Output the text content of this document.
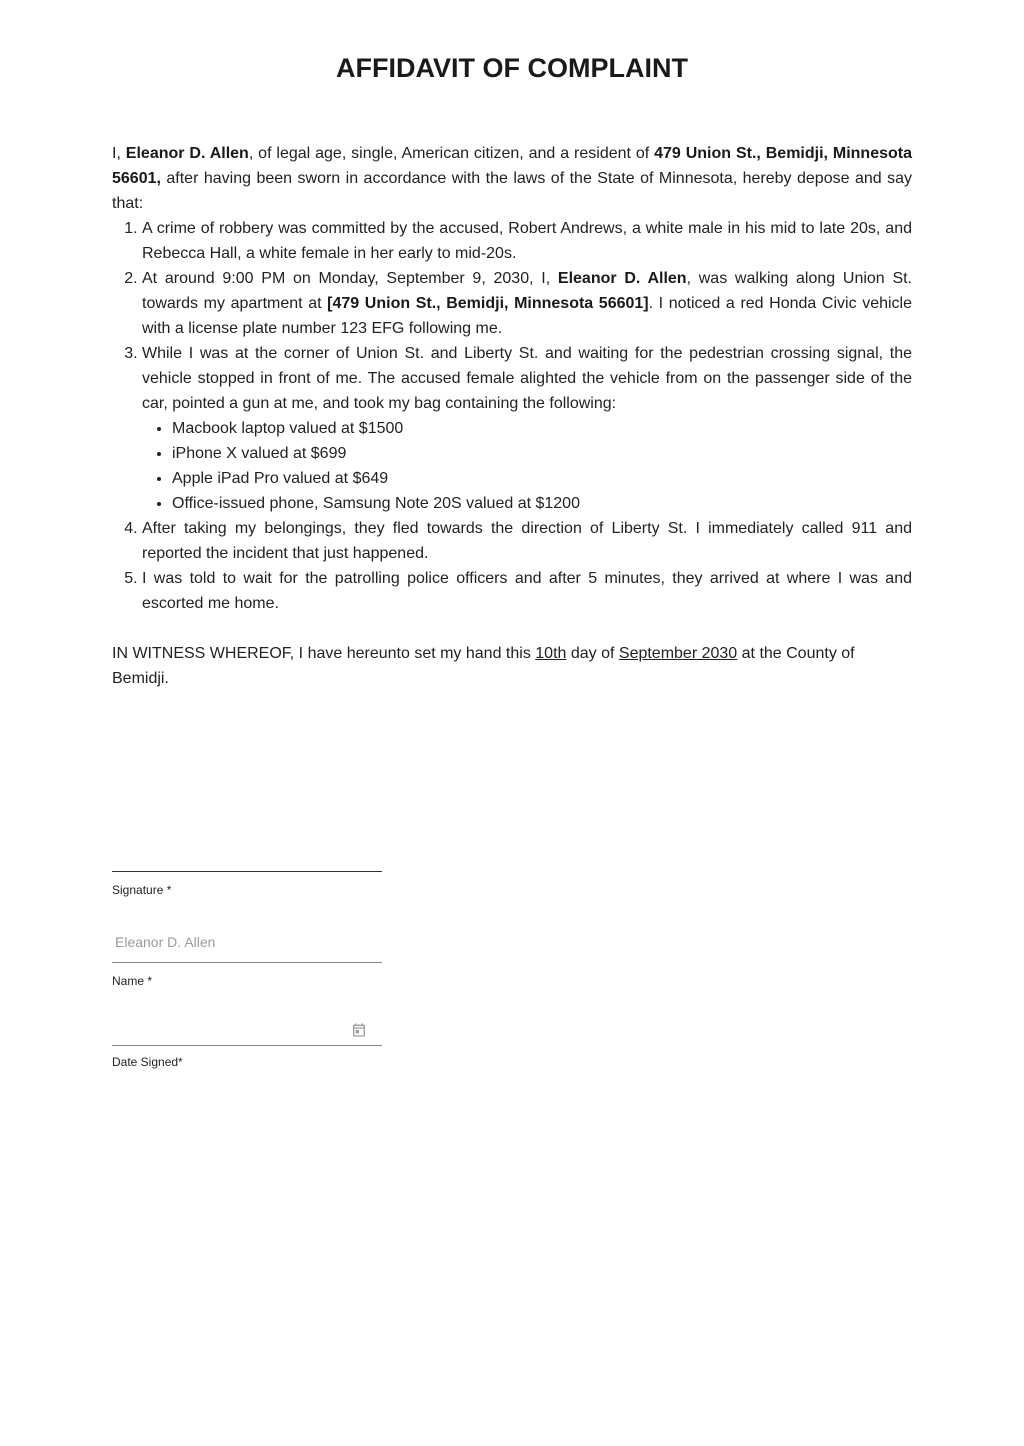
AFFIDAVIT OF COMPLAINT

I, Eleanor D. Allen, of legal age, single, American citizen, and a resident of 479 Union St., Bemidji, Minnesota 56601, after having been sworn in accordance with the laws of the State of Minnesota, hereby depose and say that:

1. A crime of robbery was committed by the accused, Robert Andrews, a white male in his mid to late 20s, and Rebecca Hall, a white female in her early to mid-20s.
2. At around 9:00 PM on Monday, September 9, 2030, I, Eleanor D. Allen, was walking along Union St. towards my apartment at [479 Union St., Bemidji, Minnesota 56601]. I noticed a red Honda Civic vehicle with a license plate number 123 EFG following me.
3. While I was at the corner of Union St. and Liberty St. and waiting for the pedestrian crossing signal, the vehicle stopped in front of me. The accused female alighted the vehicle from on the passenger side of the car, pointed a gun at me, and took my bag containing the following:
• Macbook laptop valued at $1500
• iPhone X valued at $699
• Apple iPad Pro valued at $649
• Office-issued phone, Samsung Note 20S valued at $1200
4. After taking my belongings, they fled towards the direction of Liberty St. I immediately called 911 and reported the incident that just happened.
5. I was told to wait for the patrolling police officers and after 5 minutes, they arrived at where I was and escorted me home.

IN WITNESS WHEREOF, I have hereunto set my hand this 10th day of September 2030 at the County of Bemidji.

Signature *
Eleanor D. Allen
Name *
Date Signed*
